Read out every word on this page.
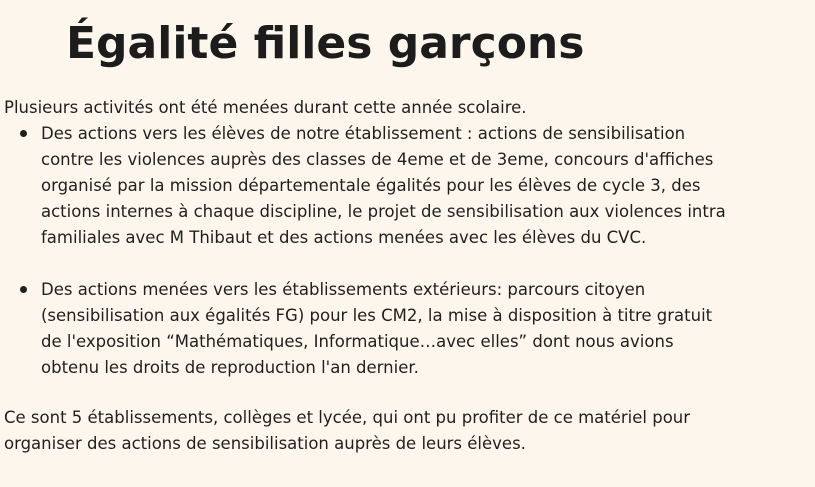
Égalité filles garçons

Plusieurs activités ont été menées durant cette année scolaire.

Des actions vers les élèves de notre établissement : actions de sensibilisation
contre les violences auprès des classes de 4eme et de 3eme, concours d'affiches
organisé par la mission départementale égalités pour les élèves de cycle 3, des
actions internes à chaque discipline, le projet de sensibilisation aux violences intra
familiales avec M Thibaut et des actions menées avec les élèves du CVC.
Des actions menées vers les établissements extérieurs: parcours citoyen
(sensibilisation aux égalités FG) pour les CM2, la mise à disposition à titre gratuit
de l'exposition “Mathématiques, Informatique…avec elles” dont nous avions
obtenu les droits de reproduction l'an dernier.

Ce sont 5 établissements, collèges et lycée, qui ont pu profiter de ce matériel pour
organiser des actions de sensibilisation auprès de leurs élèves.
